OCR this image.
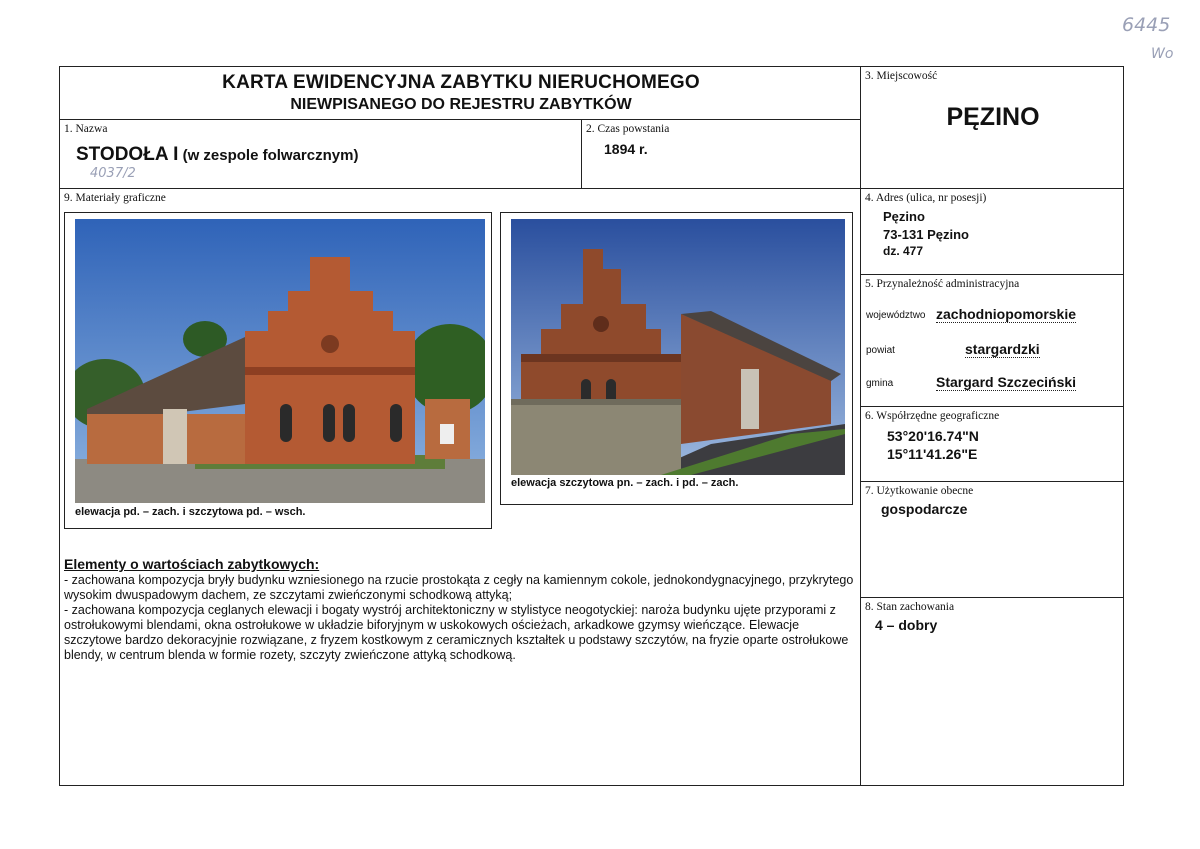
6445
Wo
KARTA EWIDENCYJNA ZABYTKU NIERUCHOMEGO
NIEWPISANEGO DO REJESTRU ZABYTKÓW
1. Nazwa
STODOŁA I (w zespole folwarcznym)
4037/2
2. Czas powstania
1894 r.
3. Miejscowość
PĘZINO
9. Materiały graficzne
elewacja pd. – zach. i szczytowa pd. – wsch.
elewacja szczytowa pn. – zach. i pd. – zach.
Elementy o wartościach zabytkowych:
- zachowana kompozycja bryły budynku wzniesionego na rzucie prostokąta z cegły na kamiennym cokole, jednokondygnacyjnego, przykrytego wysokim dwuspadowym dachem, ze szczytami zwieńczonymi schodkową attyką;
- zachowana kompozycja ceglanych elewacji i bogaty wystrój architektoniczny w stylistyce neogotyckiej: naroża budynku ujęte przyporami z ostrołukowymi blendami, okna ostrołukowe w układzie biforyjnym w uskokowych ościeżach, arkadkowe gzymsy wieńczące. Elewacje szczytowe bardzo dekoracyjnie rozwiązane, z fryzem kostkowym z ceramicznych kształtek u podstawy szczytów, na fryzie oparte ostrołukowe blendy, w centrum blenda w formie rozety, szczyty zwieńczone attyką schodkową.
4. Adres (ulica, nr posesji)
Pęzino
73-131 Pęzino
dz. 477
5. Przynależność administracyjna
województwo zachodniopomorskie
powiat	stargardzki
gmina	Stargard Szczeciński
6. Współrzędne geograficzne
53°20'16.74"N
15°11'41.26"E
7. Użytkowanie obecne
gospodarcze
8. Stan zachowania
4 – dobry
